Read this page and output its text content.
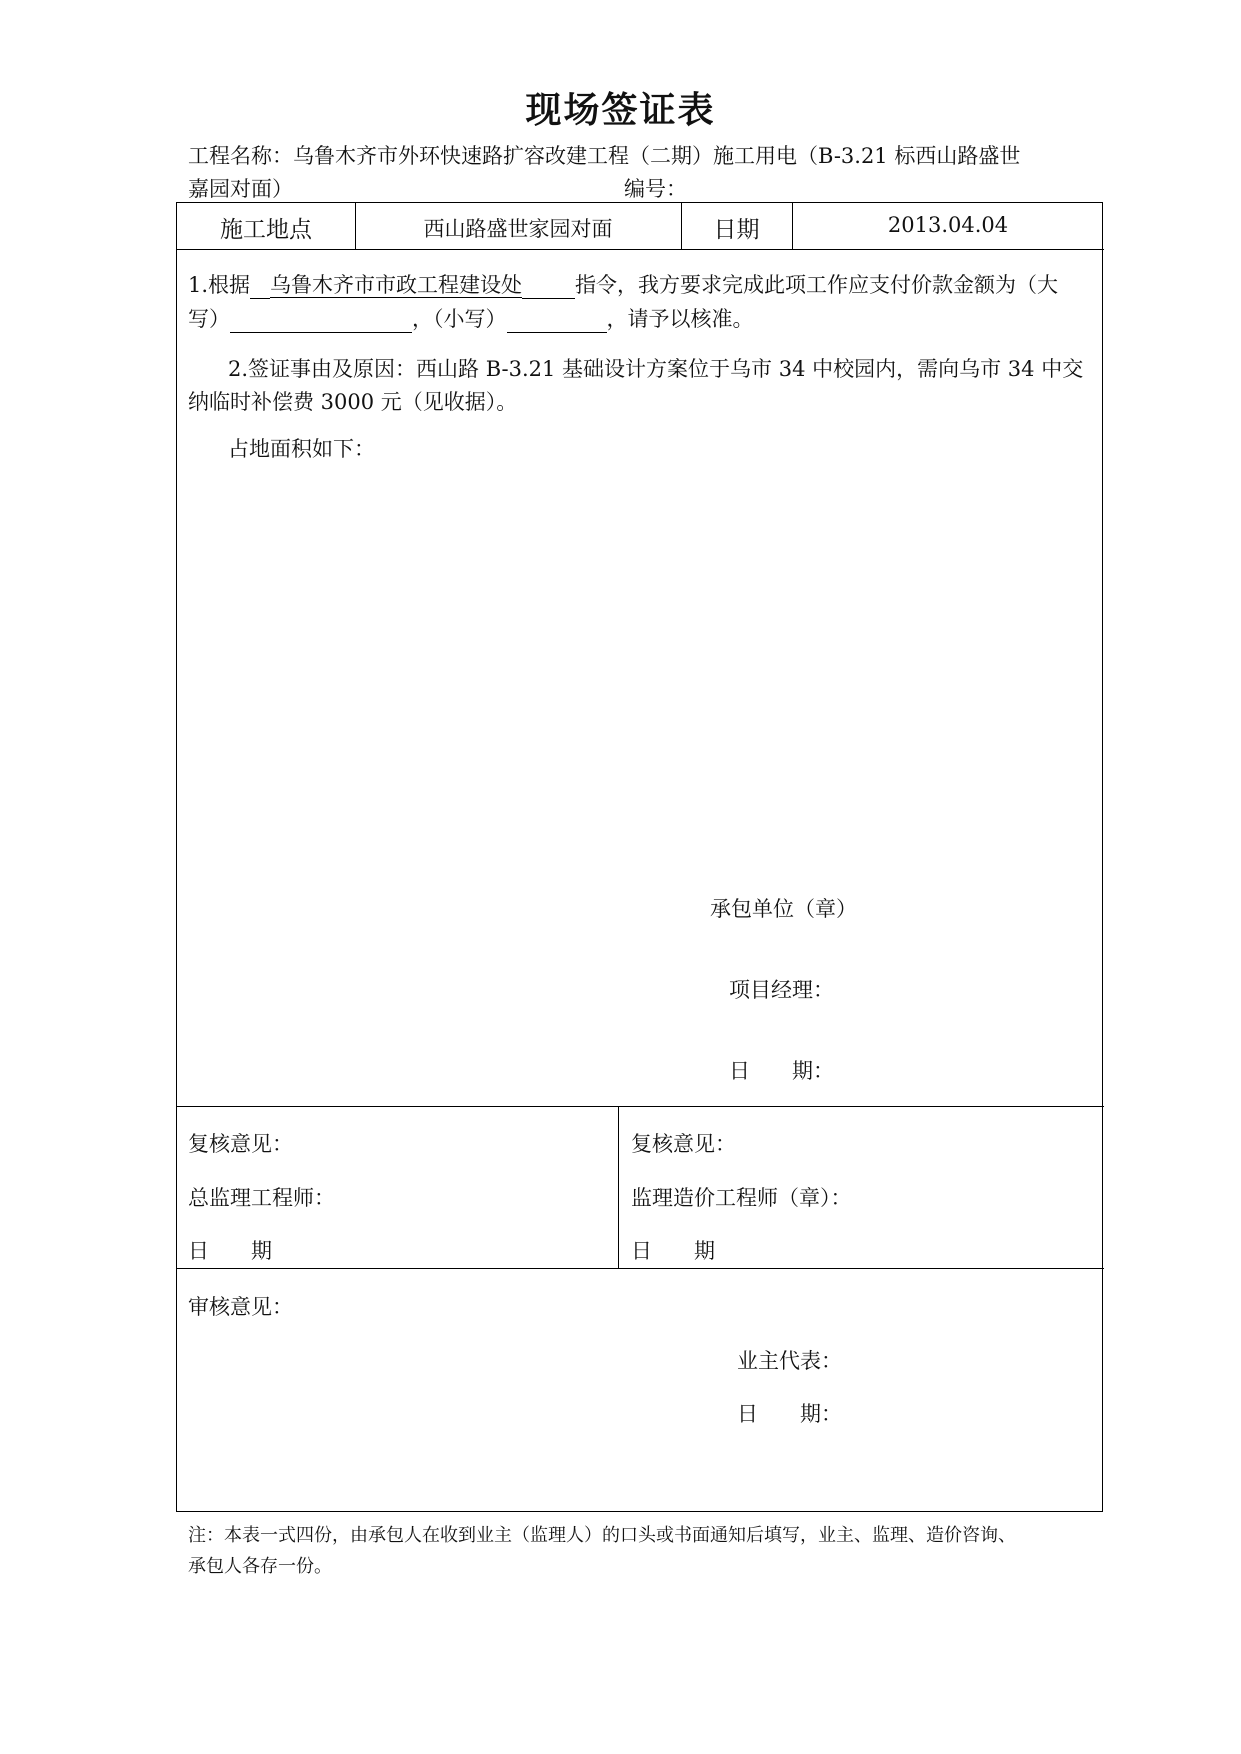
现场签证表
工程名称：乌鲁木齐市外环快速路扩容改建工程（二期）施工用电（B-3.21 标西山路盛世
嘉园对面）	编号：
施工地点	西山路盛世家园对面	日期	2013.04.04
1.根据 乌鲁木齐市市政工程建设处	指令，我方要求完成此项工作应支付价款金额为（大
写）	，（小写）	，请予以核准。
2.签证事由及原因：西山路 B-3.21 基础设计方案位于乌市 34 中校园内，需向乌市 34 中交
纳临时补偿费 3000 元（见收据）。
占地面积如下：
承包单位（章）
项目经理：
日　　期：
复核意见：
总监理工程师：
日　　期
复核意见：
监理造价工程师（章）：
日　　期
审核意见：
业主代表：
日　　期：
注：本表一式四份，由承包人在收到业主（监理人）的口头或书面通知后填写，业主、监理、造价咨询、
承包人各存一份。
